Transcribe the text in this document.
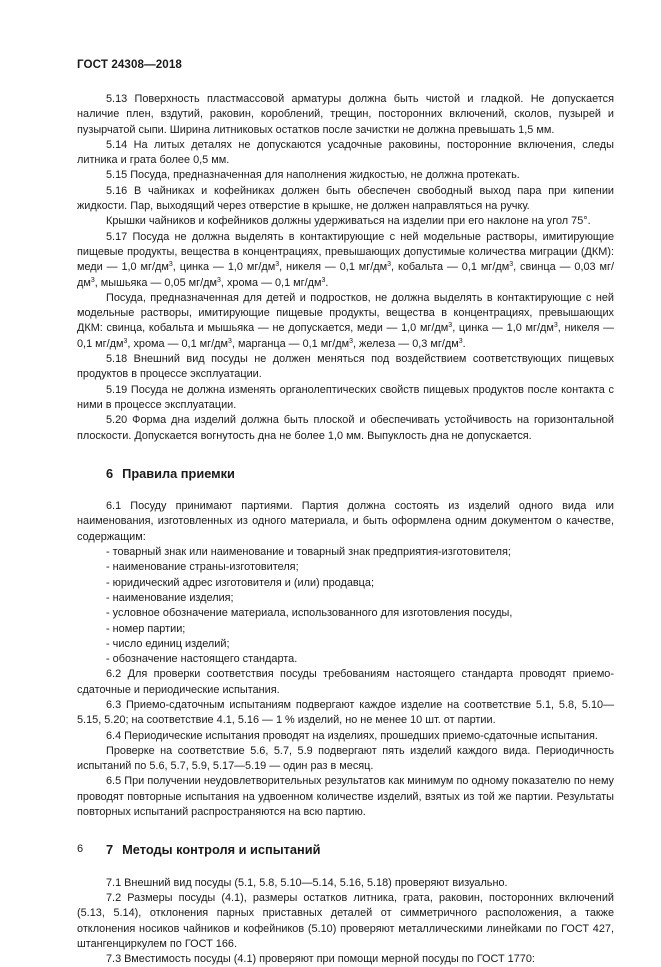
ГОСТ 24308—2018

5.13 Поверхность пластмассовой арматуры должна быть чистой и гладкой. Не допускается наличие плен, вздутий, раковин, короблений, трещин, посторонних включений, сколов, пузырей и пузырчатой сыпи. Ширина литниковых остатков после зачистки не должна превышать 1,5 мм.

5.14 На литых деталях не допускаются усадочные раковины, посторонние включения, следы литника и грата более 0,5 мм.

5.15 Посуда, предназначенная для наполнения жидкостью, не должна протекать.

5.16 В чайниках и кофейниках должен быть обеспечен свободный выход пара при кипении жидкости. Пар, выходящий через отверстие в крышке, не должен направляться на ручку.

Крышки чайников и кофейников должны удерживаться на изделии при его наклоне на угол 75°.

5.17 Посуда не должна выделять в контактирующие с ней модельные растворы, имитирующие пищевые продукты, вещества в концентрациях, превышающих допустимые количества миграции (ДКМ): меди — 1,0 $мг/дм^3$, цинка — 1,0 $мг/дм^3$, никеля — 0,1 $мг/дм^3$, кобальта — 0,1 $мг/дм^3$, свинца — 0,03 $мг/дм^3$, мышьяка — 0,05 $мг/дм^3$, хрома — 0,1 $мг/дм^3$.

Посуда, предназначенная для детей и подростков, не должна выделять в контактирующие с ней модельные растворы, имитирующие пищевые продукты, вещества в концентрациях, превышающих ДКМ: свинца, кобальта и мышьяка — не допускается, меди — 1,0 $мг/дм^3$, цинка — 1,0 $мг/дм^3$, никеля — 0,1 $мг/дм^3$, хрома — 0,1 $мг/дм^3$, марганца — 0,1 $мг/дм^3$, железа — 0,3 $мг/дм^3$.

5.18 Внешний вид посуды не должен меняться под воздействием соответствующих пищевых продуктов в процессе эксплуатации.

5.19 Посуда не должна изменять органолептических свойств пищевых продуктов после контакта с ними в процессе эксплуатации.

5.20 Форма дна изделий должна быть плоской и обеспечивать устойчивость на горизонтальной плоскости. Допускается вогнутость дна не более 1,0 мм. Выпуклость дна не допускается.

6 Правила приемки

6.1 Посуду принимают партиями. Партия должна состоять из изделий одного вида или наименования, изготовленных из одного материала, и быть оформлена одним документом о качестве, содержащим:

- товарный знак или наименование и товарный знак предприятия-изготовителя;

- наименование страны-изготовителя;

- юридический адрес изготовителя и (или) продавца;

- наименование изделия;

- условное обозначение материала, использованного для изготовления посуды,

- номер партии;

- число единиц изделий;

- обозначение настоящего стандарта.

6.2 Для проверки соответствия посуды требованиям настоящего стандарта проводят приемо-сдаточные и периодические испытания.

6.3 Приемо-сдаточным испытаниям подвергают каждое изделие на соответствие 5.1, 5.8, 5.10—5.15, 5.20; на соответствие 4.1, 5.16 — 1 % изделий, но не менее 10 шт. от партии.

6.4 Периодические испытания проводят на изделиях, прошедших приемо-сдаточные испытания.

Проверке на соответствие 5.6, 5.7, 5.9 подвергают пять изделий каждого вида. Периодичность испытаний по 5.6, 5.7, 5.9, 5.17—5.19 — один раз в месяц.

6.5 При получении неудовлетворительных результатов как минимум по одному показателю по нему проводят повторные испытания на удвоенном количестве изделий, взятых из той же партии. Результаты повторных испытаний распространяются на всю партию.

7 Методы контроля и испытаний

7.1 Внешний вид посуды (5.1, 5.8, 5.10—5.14, 5.16, 5.18) проверяют визуально.

7.2 Размеры посуды (4.1), размеры остатков литника, грата, раковин, посторонних включений (5.13, 5.14), отклонения парных приставных деталей от симметричного расположения, а также отклонения носиков чайников и кофейников (5.10) проверяют металлическими линейками по ГОСТ 427, штангенциркулем по ГОСТ 166.

7.3 Вместимость посуды (4.1) проверяют при помощи мерной посуды по ГОСТ 1770:

6
